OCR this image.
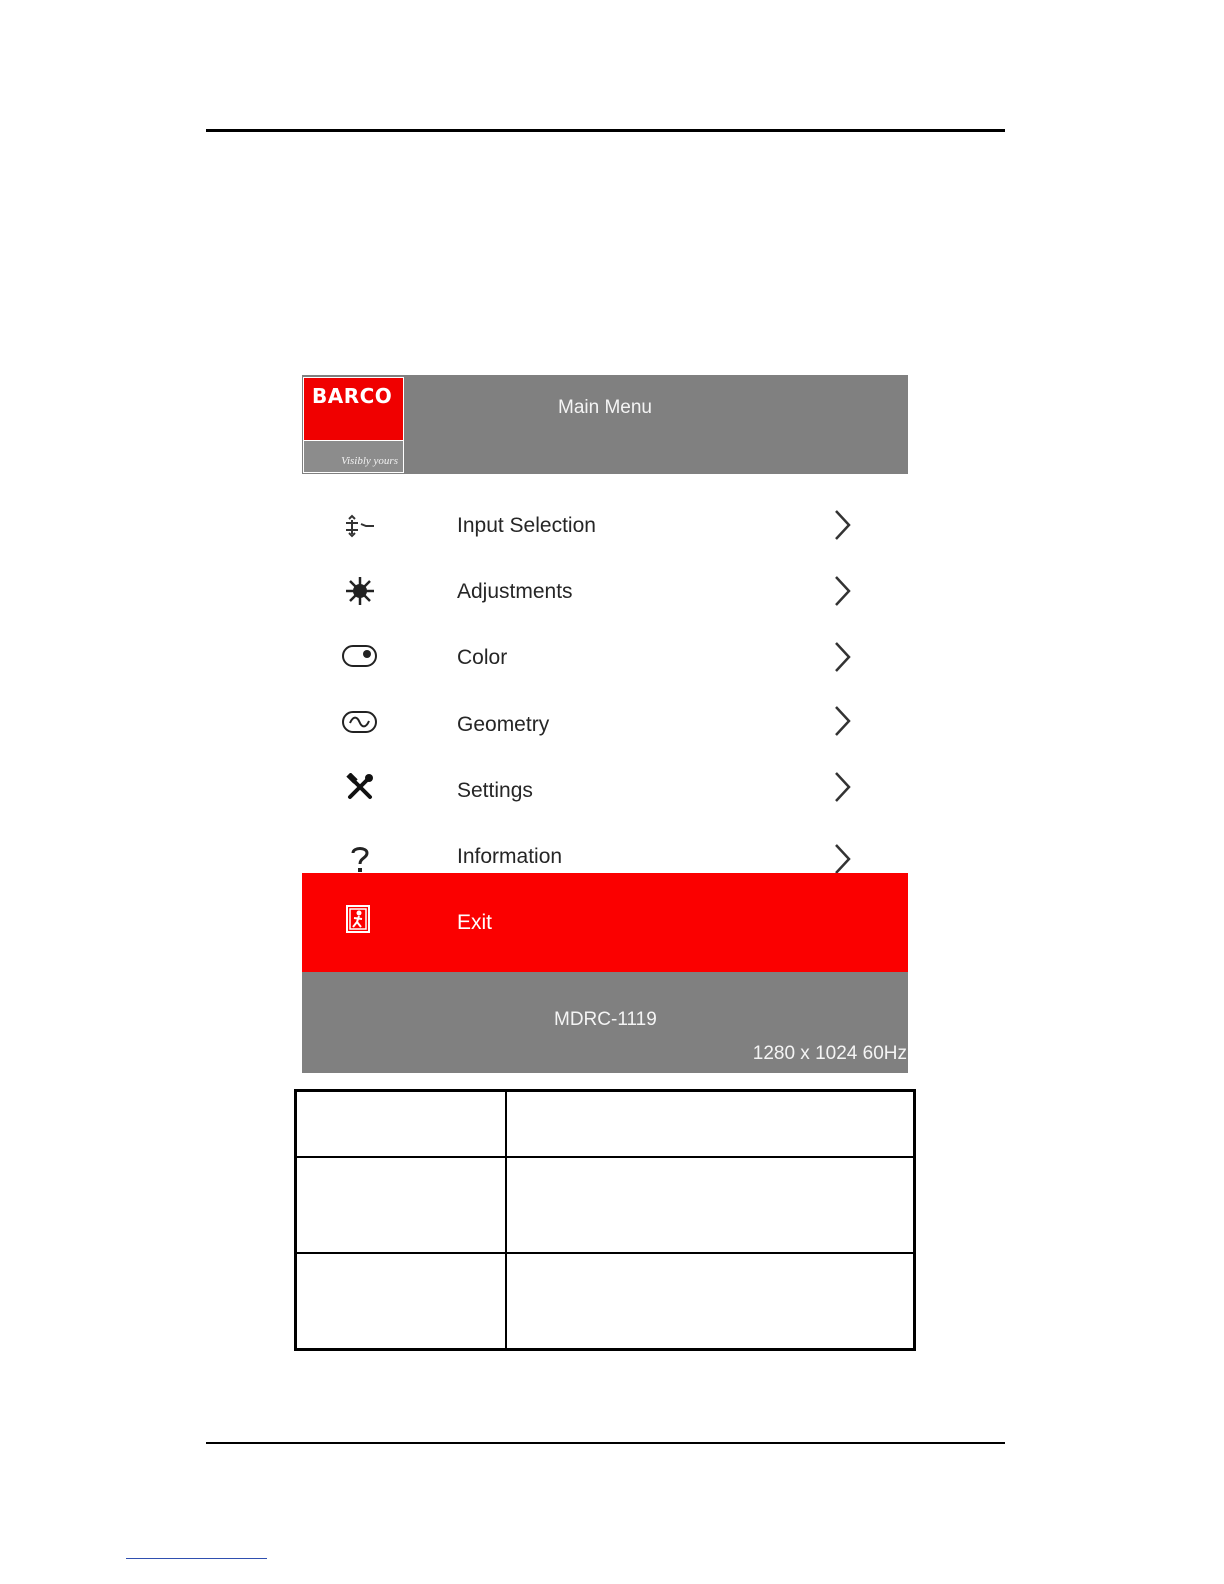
BARCO
Visibly yours
Main Menu
Input Selection
Adjustments
Color
Geometry
Settings
Information
Exit
MDRC-1119
1280 x 1024 60Hz
